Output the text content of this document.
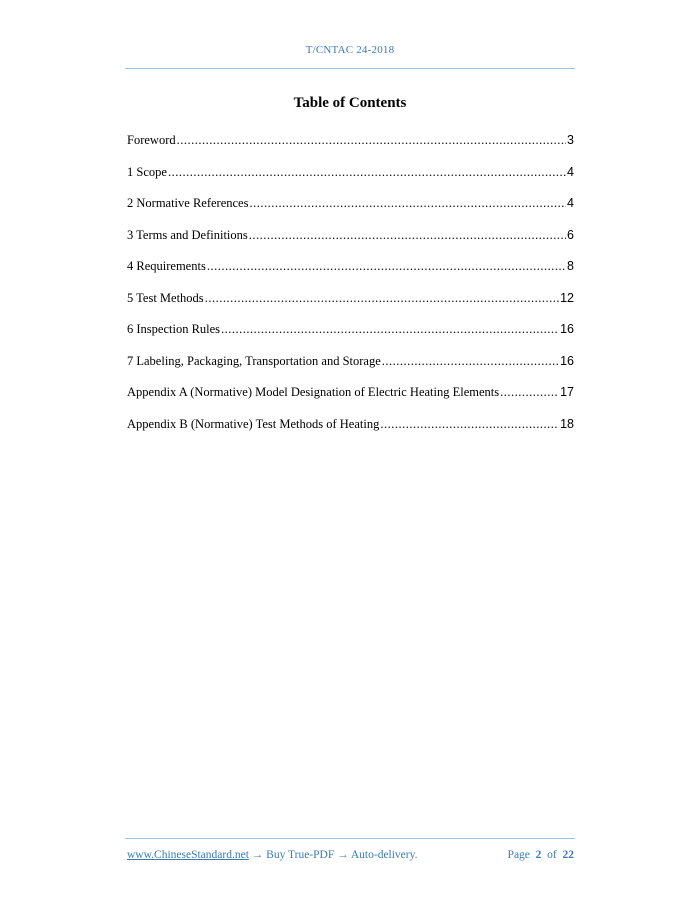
T/CNTAC 24-2018
Table of Contents
Foreword .....	3
1 Scope .....	4
2 Normative References .....	4
3 Terms and Definitions .....	6
4 Requirements .....	8
5 Test Methods .....	12
6 Inspection Rules .....	16
7 Labeling, Packaging, Transportation and Storage .....	16
Appendix A (Normative) Model Designation of Electric Heating Elements .....	17
Appendix B (Normative) Test Methods of Heating .....	18
www.ChineseStandard.net → Buy True-PDF → Auto-delivery.	Page 2 of 22
